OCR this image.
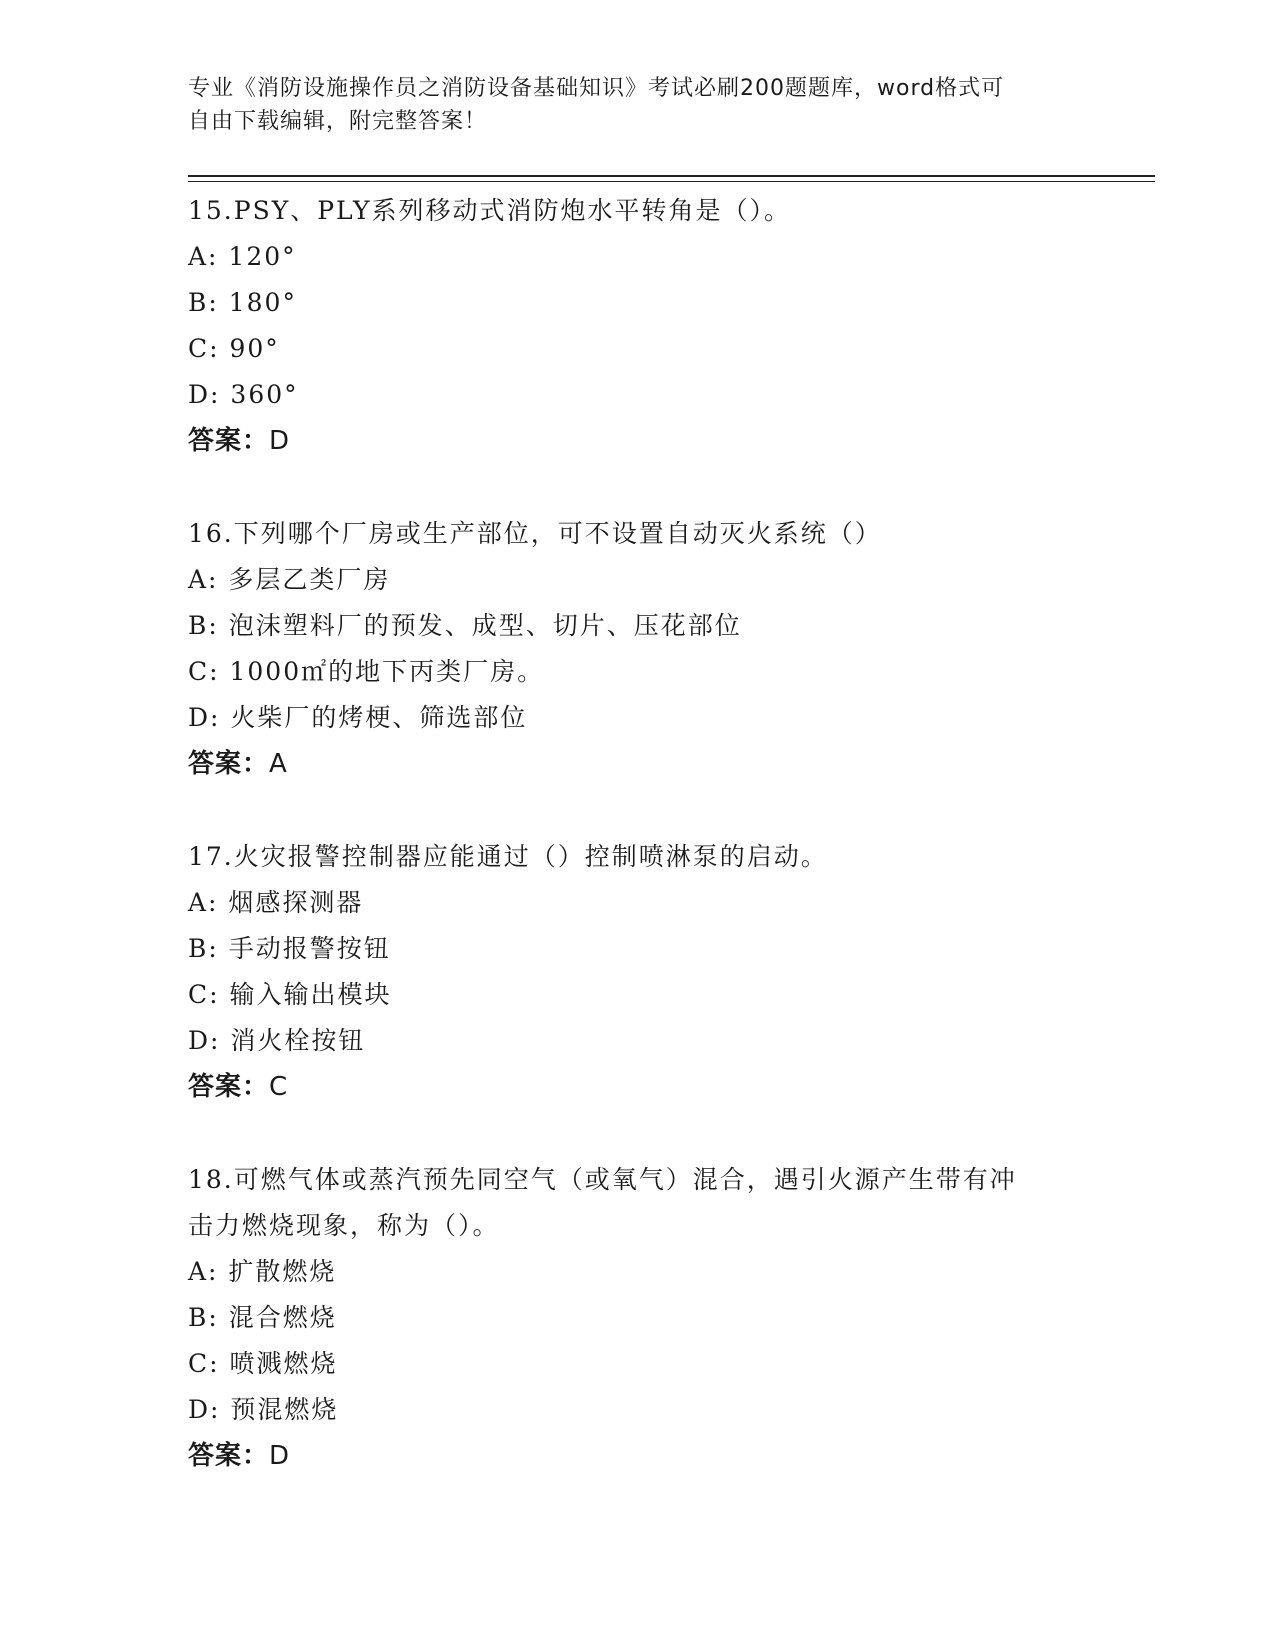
专业《消防设施操作员之消防设备基础知识》考试必刷200题题库，word格式可
自由下载编辑，附完整答案！
15.PSY、PLY系列移动式消防炮水平转角是（）。
A: 120°
B: 180°
C: 90°
D: 360°
答案：D
16.下列哪个厂房或生产部位，可不设置自动灭火系统（）
A: 多层乙类厂房
B: 泡沫塑料厂的预发、成型、切片、压花部位
C: 1000㎡的地下丙类厂房。
D: 火柴厂的烤梗、筛选部位
答案：A
17.火灾报警控制器应能通过（）控制喷淋泵的启动。
A: 烟感探测器
B: 手动报警按钮
C: 输入输出模块
D: 消火栓按钮
答案：C
18.可燃气体或蒸汽预先同空气（或氧气）混合，遇引火源产生带有冲
击力燃烧现象，称为（）。
A: 扩散燃烧
B: 混合燃烧
C: 喷溅燃烧
D: 预混燃烧
答案：D
